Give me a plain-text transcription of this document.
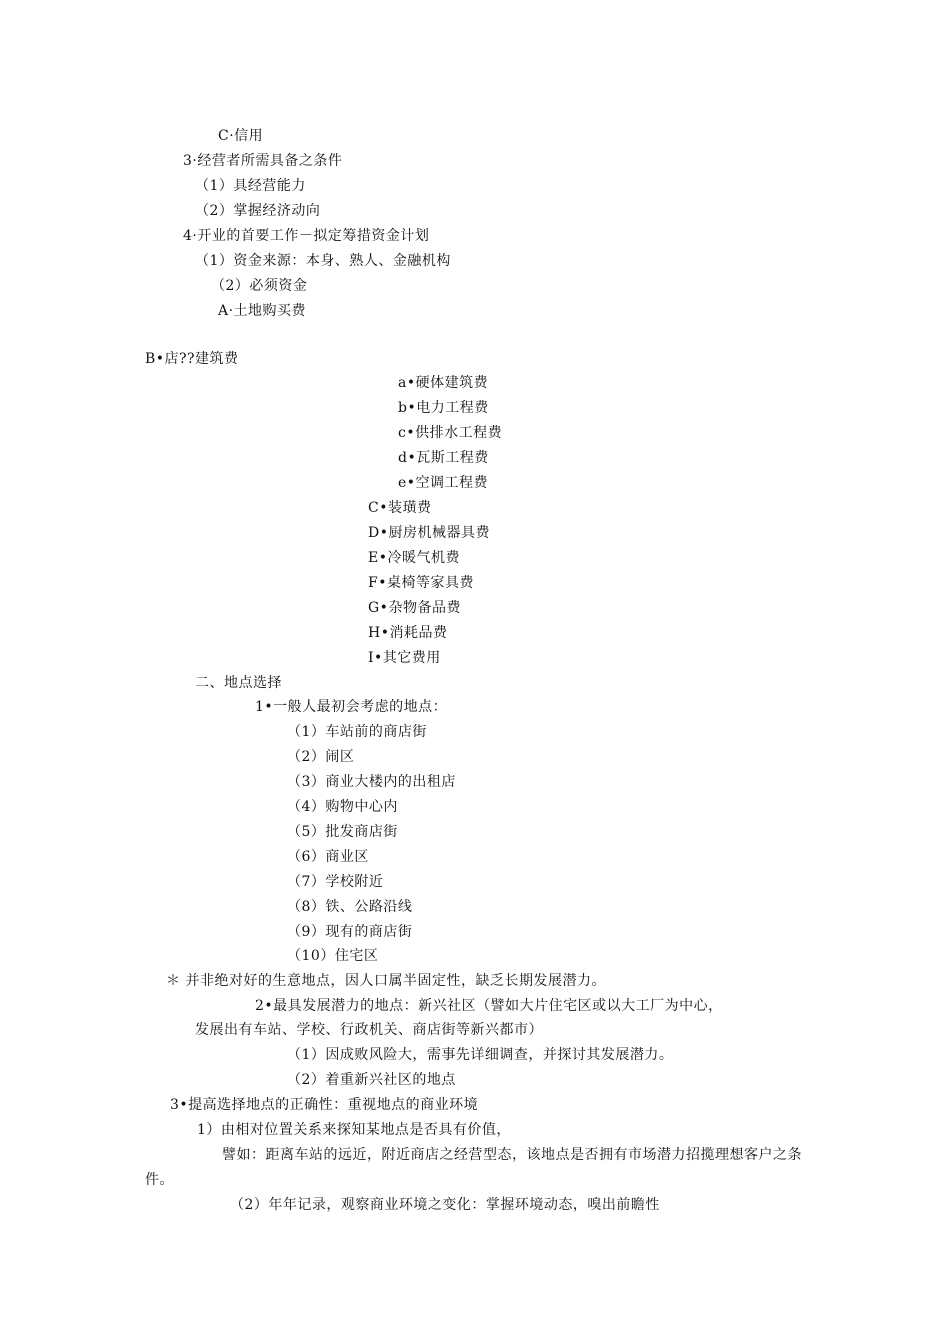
C·信用
3·经营者所需具备之条件
（1）具经营能力
（2）掌握经济动向
4·开业的首要工作－拟定筹措资金计划
（1）资金来源：本身、熟人、金融机构
（2）必须资金
A·土地购买费
B•店??建筑费
a•硬体建筑费
b•电力工程费
c•供排水工程费
d•瓦斯工程费
e•空调工程费
C•装璜费
D•厨房机械器具费
E•冷暖气机费
F•桌椅等家具费
G•杂物备品费
H•消耗品费
I•其它费用
二、地点选择
1•一般人最初会考虑的地点：
（1）车站前的商店街
（2）闹区
（3）商业大楼内的出租店
（4）购物中心内
（5）批发商店街
（6）商业区
（7）学校附近
（8）铁、公路沿线
（9）现有的商店街
（10）住宅区
＊ 并非绝对好的生意地点，因人口属半固定性，缺乏长期发展潜力。
2•最具发展潜力的地点：新兴社区（譬如大片住宅区或以大工厂为中心，
发展出有车站、学校、行政机关、商店街等新兴都市）
（1）因成败风险大，需事先详细调查，并探讨其发展潜力。
（2）着重新兴社区的地点
3•提高选择地点的正确性：重视地点的商业环境
1）由相对位置关系来探知某地点是否具有价值，
譬如：距离车站的远近，附近商店之经营型态，该地点是否拥有市场潜力招揽理想客户之条
件。
（2）年年记录，观察商业环境之变化：掌握环境动态，嗅出前瞻性
